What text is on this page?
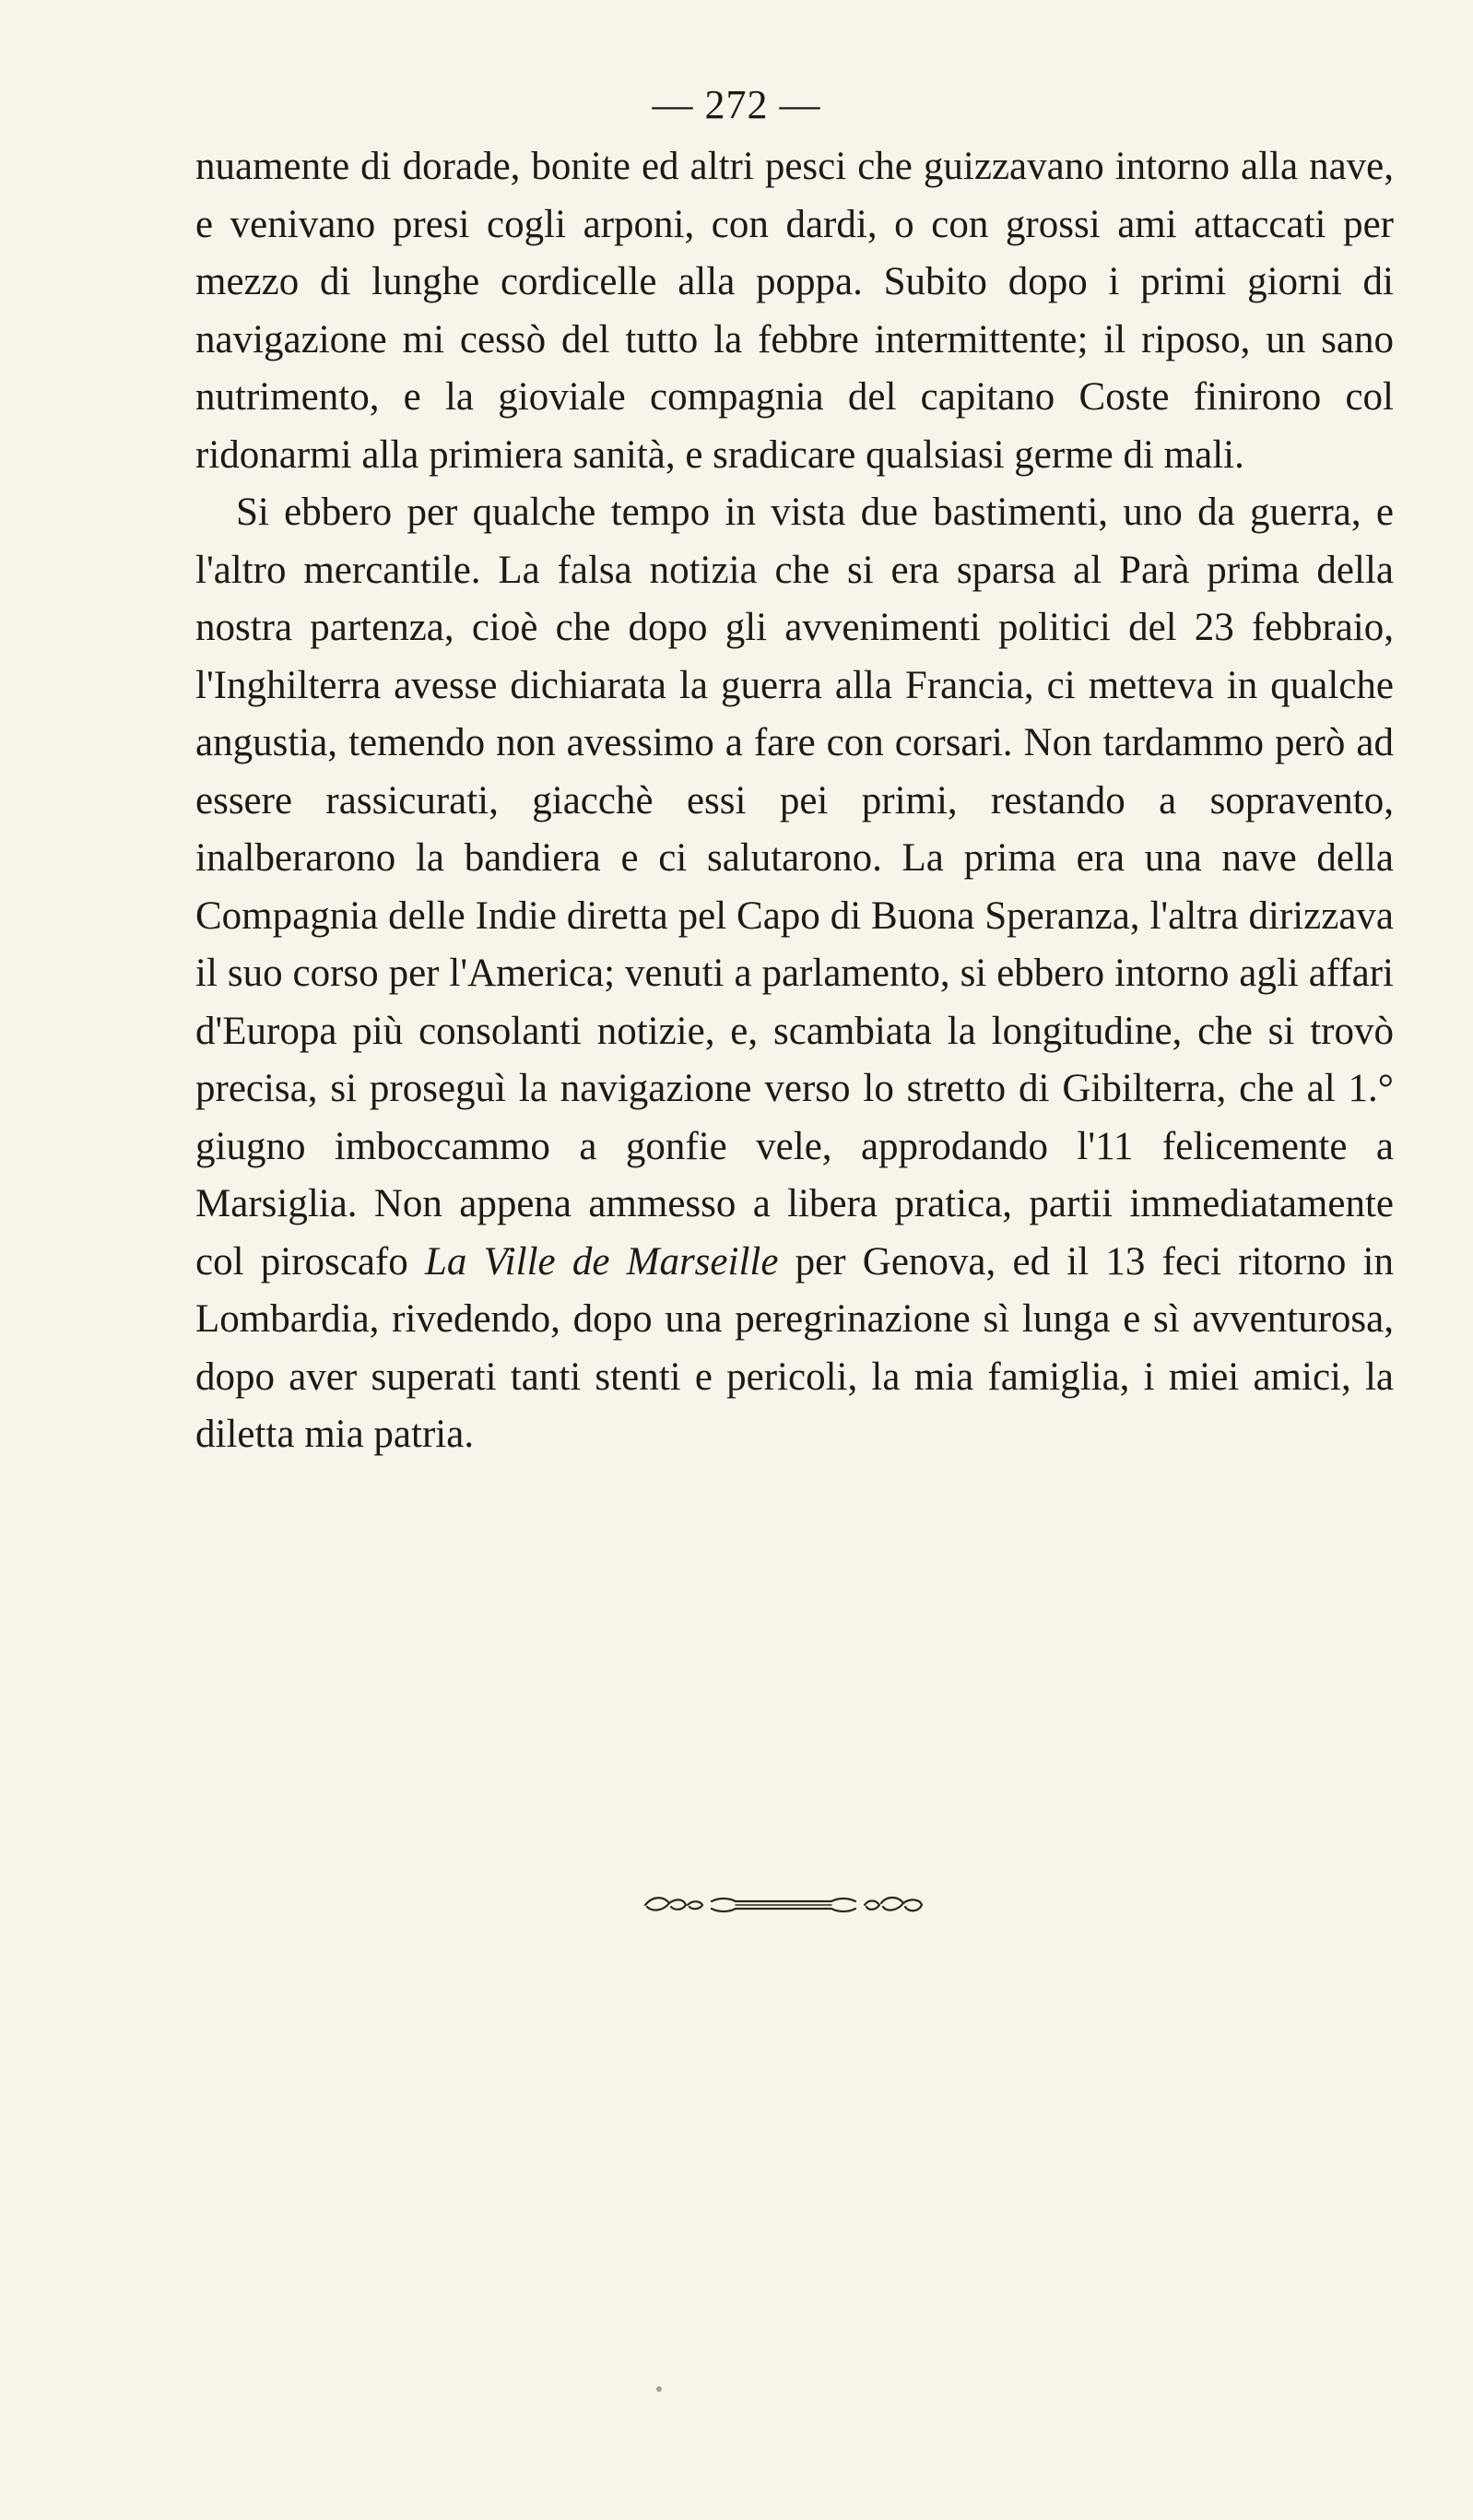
— 272 —

nuamente di dorade, bonite ed altri pesci che guizzavano intorno alla nave, e venivano presi cogli arponi, con dardi, o con grossi ami attaccati per mezzo di lunghe cordicelle alla poppa. Subito dopo i primi giorni di navigazione mi cessò del tutto la febbre intermittente; il riposo, un sano nutrimento, e la gioviale compagnia del capitano Coste finirono col ridonarmi alla primiera sanità, e sradicare qualsiasi germe di mali.

Si ebbero per qualche tempo in vista due bastimenti, uno da guerra, e l'altro mercantile. La falsa notizia che si era sparsa al Parà prima della nostra partenza, cioè che dopo gli avvenimenti politici del 23 febbraio, l'Inghilterra avesse dichiarata la guerra alla Francia, ci metteva in qualche angustia, temendo non avessimo a fare con corsari. Non tardammo però ad essere rassicurati, giacchè essi pei primi, restando a sopravento, inalberarono la bandiera e ci salutarono. La prima era una nave della Compagnia delle Indie diretta pel Capo di Buona Speranza, l'altra dirizzava il suo corso per l'America; venuti a parlamento, si ebbero intorno agli affari d'Europa più consolanti notizie, e, scambiata la longitudine, che si trovò precisa, si proseguì la navigazione verso lo stretto di Gibilterra, che al 1.° giugno imboccammo a gonfie vele, approdando l'11 felicemente a Marsiglia. Non appena ammesso a libera pratica, partii immediatamente col piroscafo La Ville de Marseille per Genova, ed il 13 feci ritorno in Lombardia, rivedendo, dopo una peregrinazione sì lunga e sì avventurosa, dopo aver superati tanti stenti e pericoli, la mia famiglia, i miei amici, la diletta mia patria.
